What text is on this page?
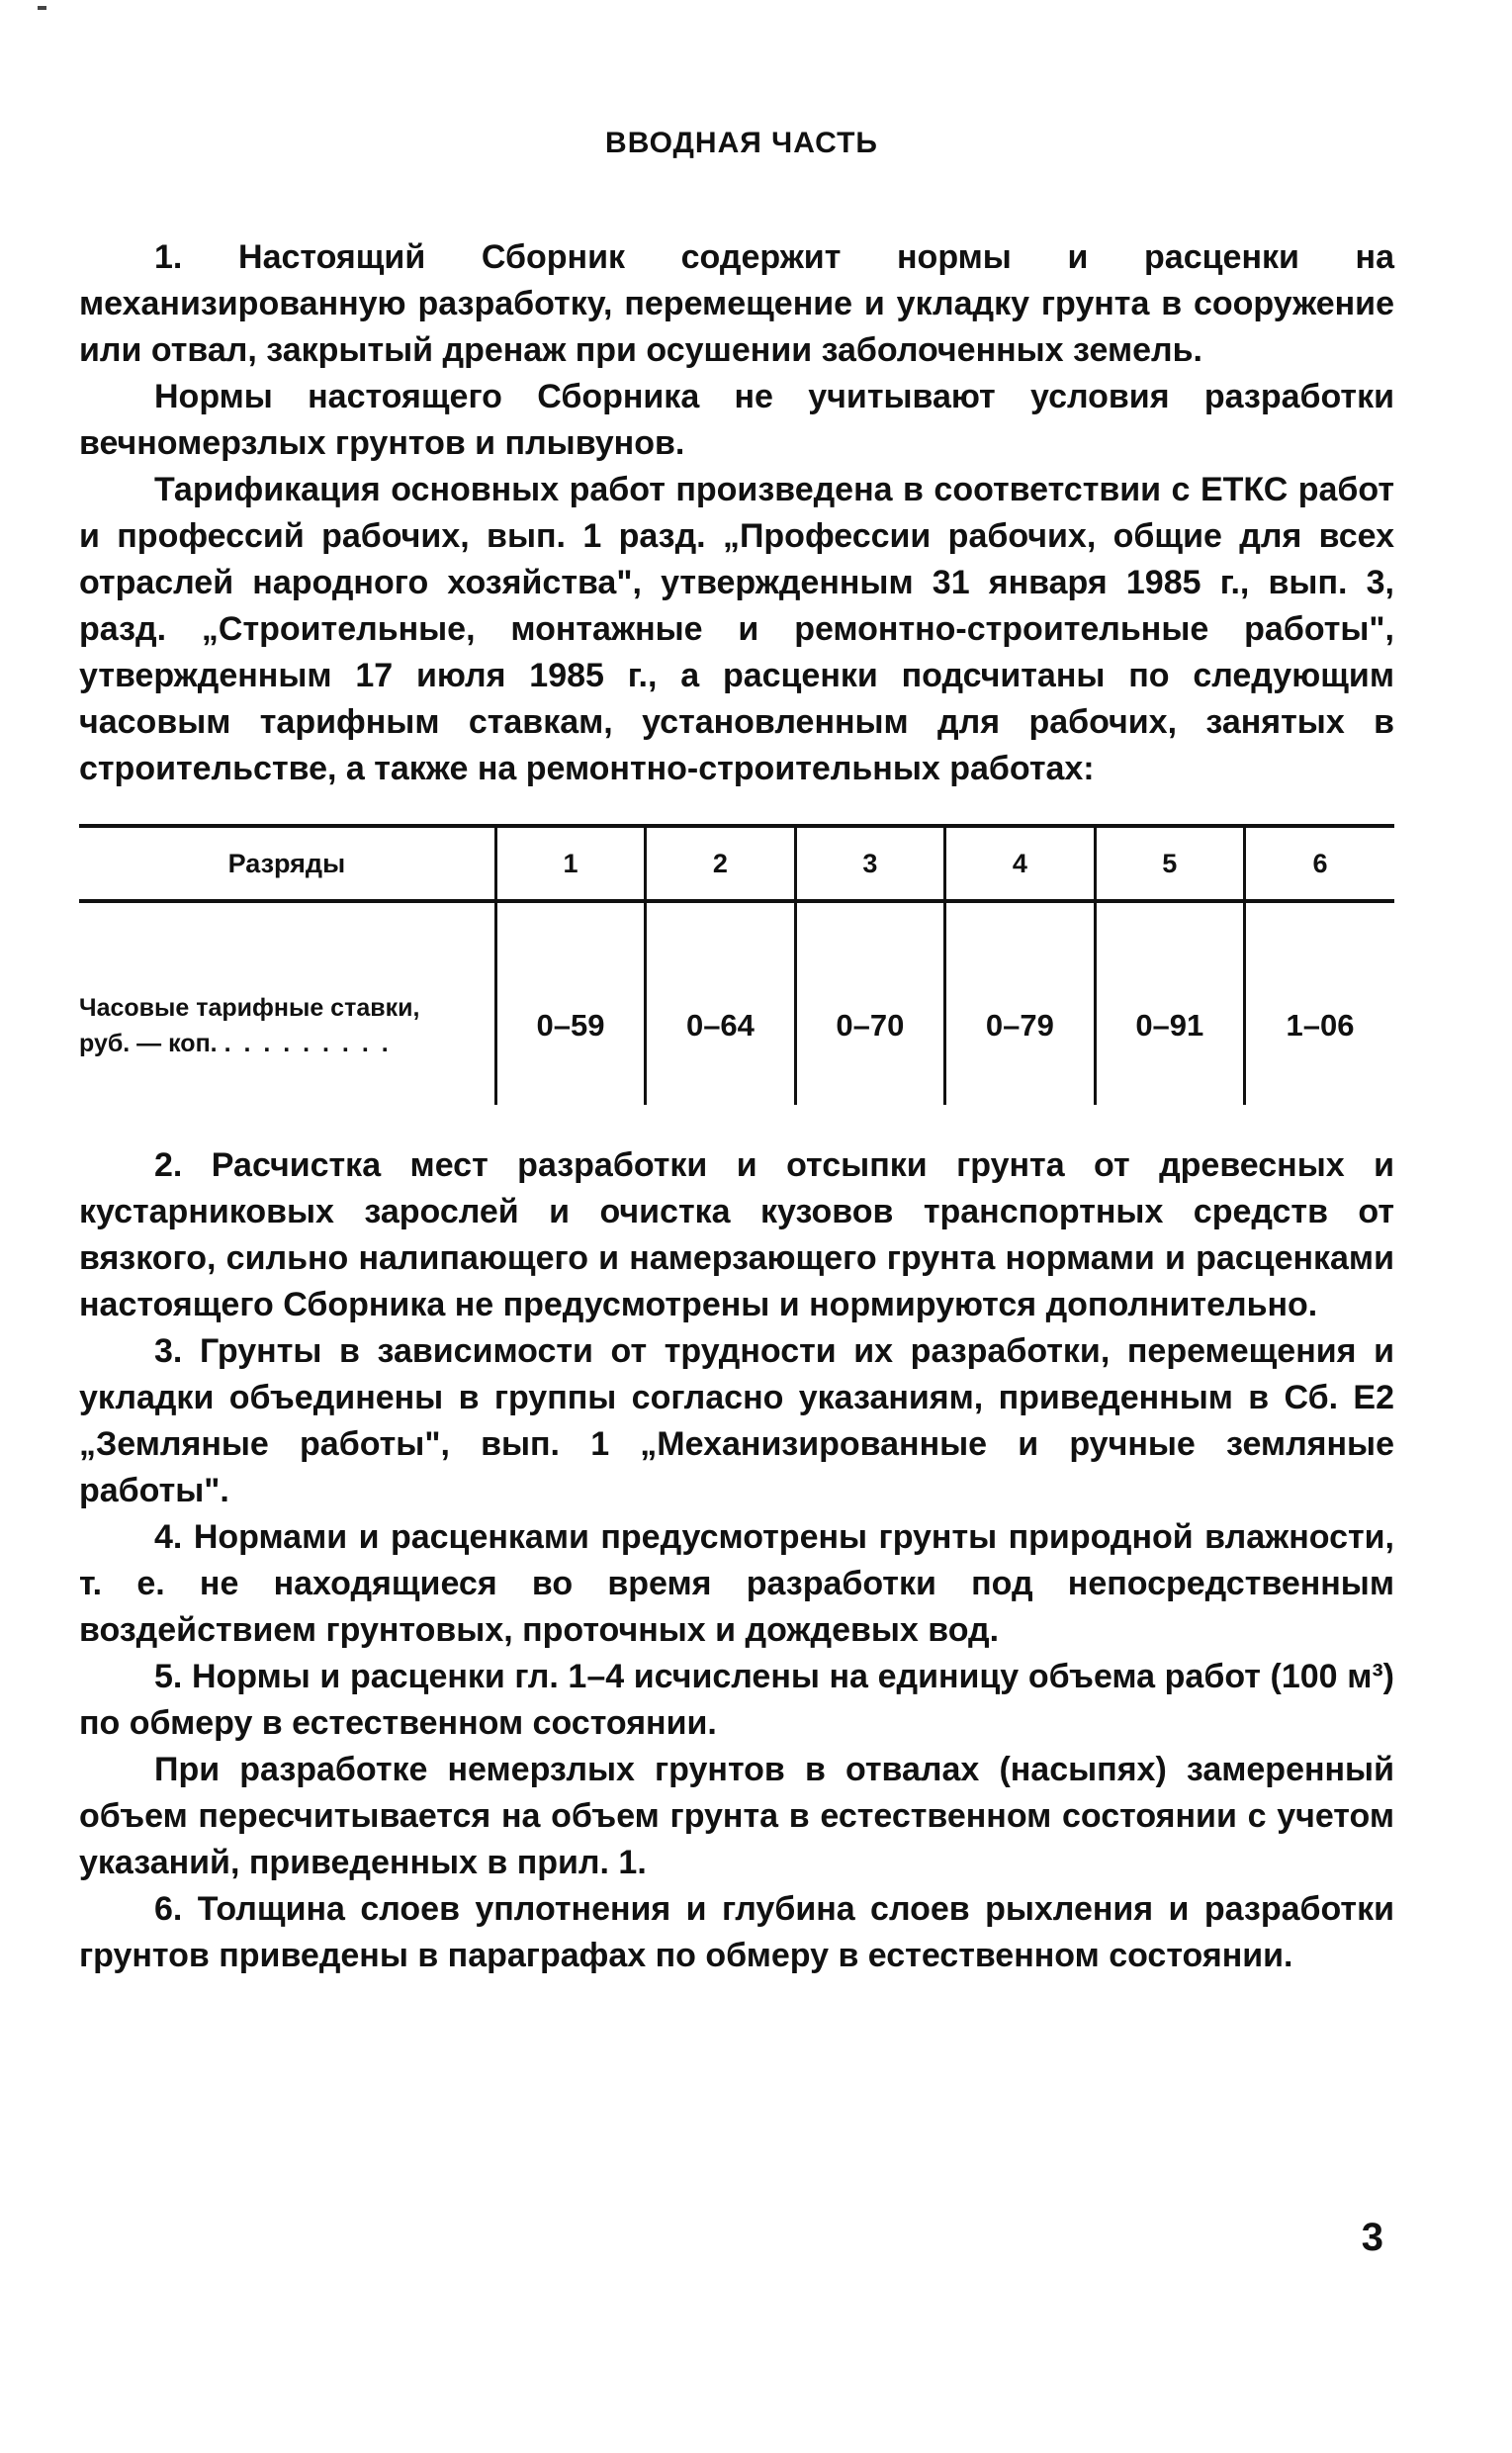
ВВОДНАЯ ЧАСТЬ

1. Настоящий Сборник содержит нормы и расценки на механизированную разработку, перемещение и укладку грунта в сооружение или отвал, закрытый дренаж при осушении заболоченных земель.

Нормы настоящего Сборника не учитывают условия разработки вечномерзлых грунтов и плывунов.

Тарификация основных работ произведена в соответствии с ЕТКС работ и профессий рабочих, вып. 1 разд. „Профессии рабочих, общие для всех отраслей народного хозяйства", утвержденным 31 января 1985 г., вып. 3, разд. „Строительные, монтажные и ремонтно-строительные работы", утвержденным 17 июля 1985 г., а расценки подсчитаны по следующим часовым тарифным ставкам, установленным для рабочих, занятых в строительстве, а также на ремонтно-строительных работах:

Разряды	1	2	3	4	5	6
Часовые тарифные ставки,
руб. — коп. . . . . . . . . .	0–59	0–64	0–70	0–79	0–91	1–06

2. Расчистка мест разработки и отсыпки грунта от древесных и кустарниковых зарослей и очистка кузовов транспортных средств от вязкого, сильно налипающего и намерзающего грунта нормами и расценками настоящего Сборника не предусмотрены и нормируются дополнительно.

3. Грунты в зависимости от трудности их разработки, перемещения и укладки объединены в группы согласно указаниям, приведенным в Сб. Е2 „Земляные работы", вып. 1 „Механизированные и ручные земляные работы".

4. Нормами и расценками предусмотрены грунты природной влажности, т. е. не находящиеся во время разработки под непосредственным воздействием грунтовых, проточных и дождевых вод.

5. Нормы и расценки гл. 1–4 исчислены на единицу объема работ (100 м³) по обмеру в естественном состоянии.

При разработке немерзлых грунтов в отвалах (насыпях) замеренный объем пересчитывается на объем грунта в естественном состоянии с учетом указаний, приведенных в прил. 1.

6. Толщина слоев уплотнения и глубина слоев рыхления и разработки грунтов приведены в параграфах по обмеру в естественном состоянии.

3
